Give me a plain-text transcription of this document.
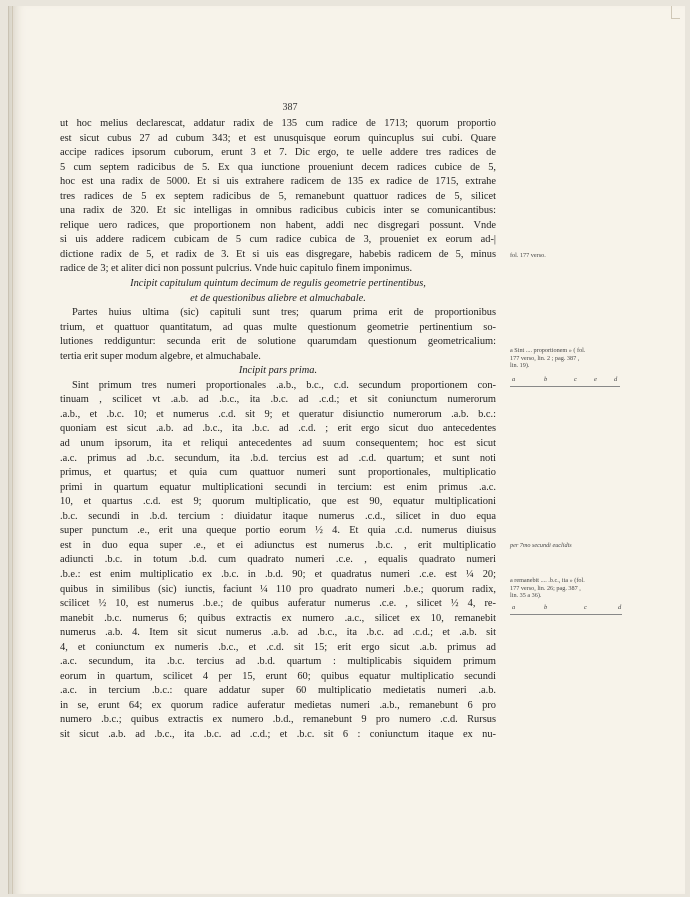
387
ut hoc melius declarescat, addatur radix de 135 cum radice de 1713; quorum proportio
est sicut cubus 27 ad cubum 343; et est unusquisque eorum quincuplus sui cubi. Quare
accipe radices ipsorum cuborum, erunt 3 et 7. Dic ergo, te uelle addere tres radices de
5 cum septem radicibus de 5. Ex qua iunctione proueniunt decem radices cubice de 5,
hoc est una radix de 5000. Et si uis extrahere radicem de 135 ex radice de 1715, extrahe
tres radices de 5 ex septem radicibus de 5, remanebunt quattuor radices de 5, silicet
una radix de 320. Et sic intelligas in omnibus radicibus cubicis inter se comunicantibus:
relique uero radices, que proportionem non habent, addi nec disgregari possunt. Vnde
si uis addere radicem cubicam de 5 cum radice cubica de 3, proueniet ex eorum ad-|
dictione radix de 5, et radix de 3. Et si uis eas disgregare, habebis radicem de 5, minus
radice de 3; et aliter dici non possunt pulcrius. Vnde huic capitulo finem imponimus.
Incipit capitulum quintum decimum de regulis geometrie pertinentibus,
et de questionibus aliebre et almuchabale.
Partes huius ultima (sic) capituli sunt tres; quarum prima erit de proportionibus
trium, et quattuor quantitatum, ad quas multe questionum geometrie pertinentium so-
lutiones reddiguntur: secunda erit de solutione quarumdam questionum geometricalium:
tertia erit super modum algebre, et almuchabale.
Incipit pars prima.
Sint primum tres numeri proportionales .a.b., b.c., c.d. secundum proportionem con-
tinuam , scilicet vt .a.b. ad .b.c., ita .b.c. ad .c.d.; et sit coniunctum numerorum
.a.b., et .b.c. 10; et numerus .c.d. sit 9; et queratur disiunctio numerorum .a.b. b.c.:
quoniam est sicut .a.b. ad .b.c., ita .b.c. ad .c.d. ; erit ergo sicut duo antecedentes
ad unum ipsorum, ita et reliqui antecedentes ad suum consequentem; hoc est sicut
.a.c. primus ad .b.c. secundum, ita .b.d. tercius est ad .c.d. quartum; et sunt noti
primus, et quartus; et quia cum quattuor numeri sunt proportionales, multiplicatio
primi in quartum equatur multiplicationi secundi in tercium: est enim primus .a.c.
10, et quartus .c.d. est 9; quorum multiplicatio, que est 90, equatur multiplicationi
.b.c. secundi in .b.d. tercium : diuidatur itaque numerus .c.d., silicet in duo equa
super punctum .e., erit una queque portio eorum ½ 4. Et quia .c.d. numerus diuisus
est in duo equa super .e., et ei adiunctus est numerus .b.c. , erit multiplicatio
adiuncti .b.c. in totum .b.d. cum quadrato numeri .c.e. , equalis quadrato numeri
.b.e.: est enim multiplicatio ex .b.c. in .b.d. 90; et quadratus numeri .c.e. est ¼ 20;
quibus in similibus (sic) iunctis, faciunt ¼ 110 pro quadrato numeri .b.e.; quorum radix,
scilicet ½ 10, est numerus .b.e.; de quibus auferatur numerus .c.e. , silicet ½ 4, re-
manebit .b.c. numerus 6; quibus extractis ex numero .a.c., silicet ex 10, remanebit
numerus .a.b. 4. Item sit sicut numerus .a.b. ad .b.c., ita .b.c. ad .c.d.; et .a.b. sit
4, et coniunctum ex numeris .b.c., et .c.d. sit 15; erit ergo sicut .a.b. primus ad
.a.c. secundum, ita .b.c. tercius ad .b.d. quartum : multiplicabis siquidem primum
eorum in quartum, scilicet 4 per 15, erunt 60; quibus equatur multiplicatio secundi
.a.c. in tercium .b.c.: quare addatur super 60 multiplicatio medietatis numeri .a.b.
in se, erunt 64; ex quorum radice auferatur medietas numeri .a.b., remanebunt 6 pro
numero .b.c.; quibus extractis ex numero .b.d., remanebunt 9 pro numero .c.d. Rursus
sit sicut .a.b. ad .b.c., ita .b.c. ad .c.d.; et .b.c. sit 6 : coniunctum itaque ex nu-
fol. 177 verso.
a Sint .... proportionem » ( fol.
177 verso, lin. 2 ; pag. 387 ,
lin. 19).
a	b	c	e	d
per 7mo secundi euclidis
a remanebit .... .b.c., ita » (fol.
177 verso, lin. 26; pag. 387 ,
lin. 35 a 36).
a	b	c	d
